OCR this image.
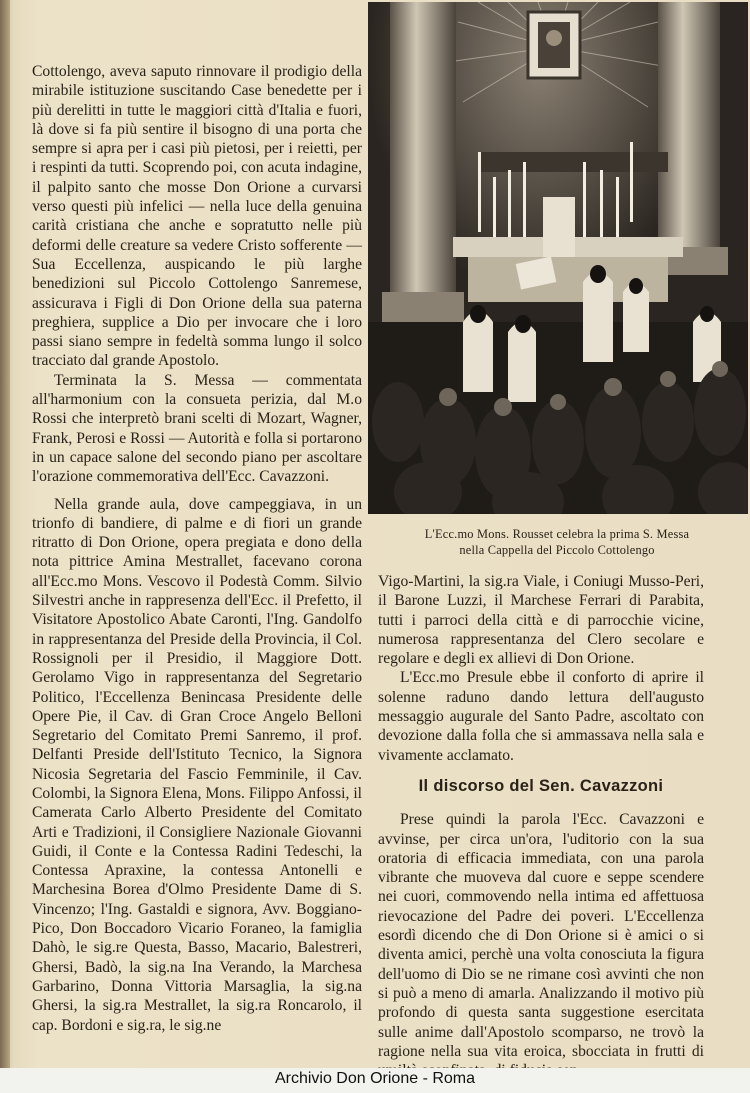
Cottolengo, aveva saputo rinnovare il prodigio della mirabile istituzione suscitando Case benedette per i più derelitti in tutte le maggiori città d'Italia e fuori, là dove si fa più sentire il bisogno di una porta che sempre si apra per i casi più pietosi, per i reietti, per i respinti da tutti. Scoprendo poi, con acuta indagine, il palpito santo che mosse Don Orione a curvarsi verso questi più infelici — nella luce della genuina carità cristiana che anche e sopratutto nelle più deformi delle creature sa vedere Cristo sofferente — Sua Eccellenza, auspicando le più larghe benedizioni sul Piccolo Cottolengo Sanremese, assicurava i Figli di Don Orione della sua paterna preghiera, supplice a Dio per invocare che i loro passi siano sempre in fedeltà somma lungo il solco tracciato dal grande Apostolo.

Terminata la S. Messa — commentata all'harmonium con la consueta perizia, dal M.o Rossi che interpretò brani scelti di Mozart, Wagner, Frank, Perosi e Rossi — Autorità e folla si portarono in un capace salone del secondo piano per ascoltare l'orazione commemorativa dell'Ecc. Cavazzoni.

Nella grande aula, dove campeggiava, in un trionfo di bandiere, di palme e di fiori un grande ritratto di Don Orione, opera pregiata e dono della nota pittrice Amina Mestrallet, facevano corona all'Ecc.mo Mons. Vescovo il Podestà Comm. Silvio Silvestri anche in rappresenza dell'Ecc. il Prefetto, il Visitatore Apostolico Abate Caronti, l'Ing. Gandolfo in rappresentanza del Preside della Provincia, il Col. Rossignoli per il Presidio, il Maggiore Dott. Gerolamo Vigo in rappresentanza del Segretario Politico, l'Eccellenza Benincasa Presidente delle Opere Pie, il Cav. di Gran Croce Angelo Belloni Segretario del Comitato Premi Sanremo, il prof. Delfanti Preside dell'Istituto Tecnico, la Signora Nicosia Segretaria del Fascio Femminile, il Cav. Colombi, la Signora Elena, Mons. Filippo Anfossi, il Camerata Carlo Alberto Presidente del Comitato Arti e Tradizioni, il Consigliere Nazionale Giovanni Guidi, il Conte e la Contessa Radini Tedeschi, la Contessa Apraxine, la contessa Antonelli e Marchesina Borea d'Olmo Presidente Dame di S. Vincenzo; l'Ing. Gastaldi e signora, Avv. Boggiano-Pico, Don Boccadoro Vicario Foraneo, la famiglia Dahò, le sig.re Questa, Basso, Macario, Balestreri, Ghersi, Badò, la sig.na Ina Verando, la Marchesa Garbarino, Donna Vittoria Marsaglia, la sig.na Ghersi, la sig.ra Mestrallet, la sig.ra Roncarolo, il cap. Bordoni e sig.ra, le sig.ne

L'Ecc.mo Mons. Rousset celebra la prima S. Messa
nella Cappella del Piccolo Cottolengo

Vigo-Martini, la sig.ra Viale, i Coniugi Musso-Peri, il Barone Luzzi, il Marchese Ferrari di Parabita, tutti i parroci della città e di parrocchie vicine, numerosa rappresentanza del Clero secolare e regolare e degli ex allievi di Don Orione.

L'Ecc.mo Presule ebbe il conforto di aprire il solenne raduno dando lettura dell'augusto messaggio augurale del Santo Padre, ascoltato con devozione dalla folla che si ammassava nella sala e vivamente acclamato.

Il discorso del Sen. Cavazzoni

Prese quindi la parola l'Ecc. Cavazzoni e avvinse, per circa un'ora, l'uditorio con la sua oratoria di efficacia immediata, con una parola vibrante che muoveva dal cuore e seppe scendere nei cuori, commovendo nella intima ed affettuosa rievocazione del Padre dei poveri. L'Eccellenza esordì dicendo che di Don Orione si è amici o si diventa amici, perchè una volta conosciuta la figura dell'uomo di Dio se ne rimane così avvinti che non si può a meno di amarla. Analizzando il motivo più profondo di questa santa suggestione esercitata sulle anime dall'Apostolo scomparso, ne trovò la ragione nella sua vita eroica, sbocciata in frutti di

Archivio Don Orione - Roma
